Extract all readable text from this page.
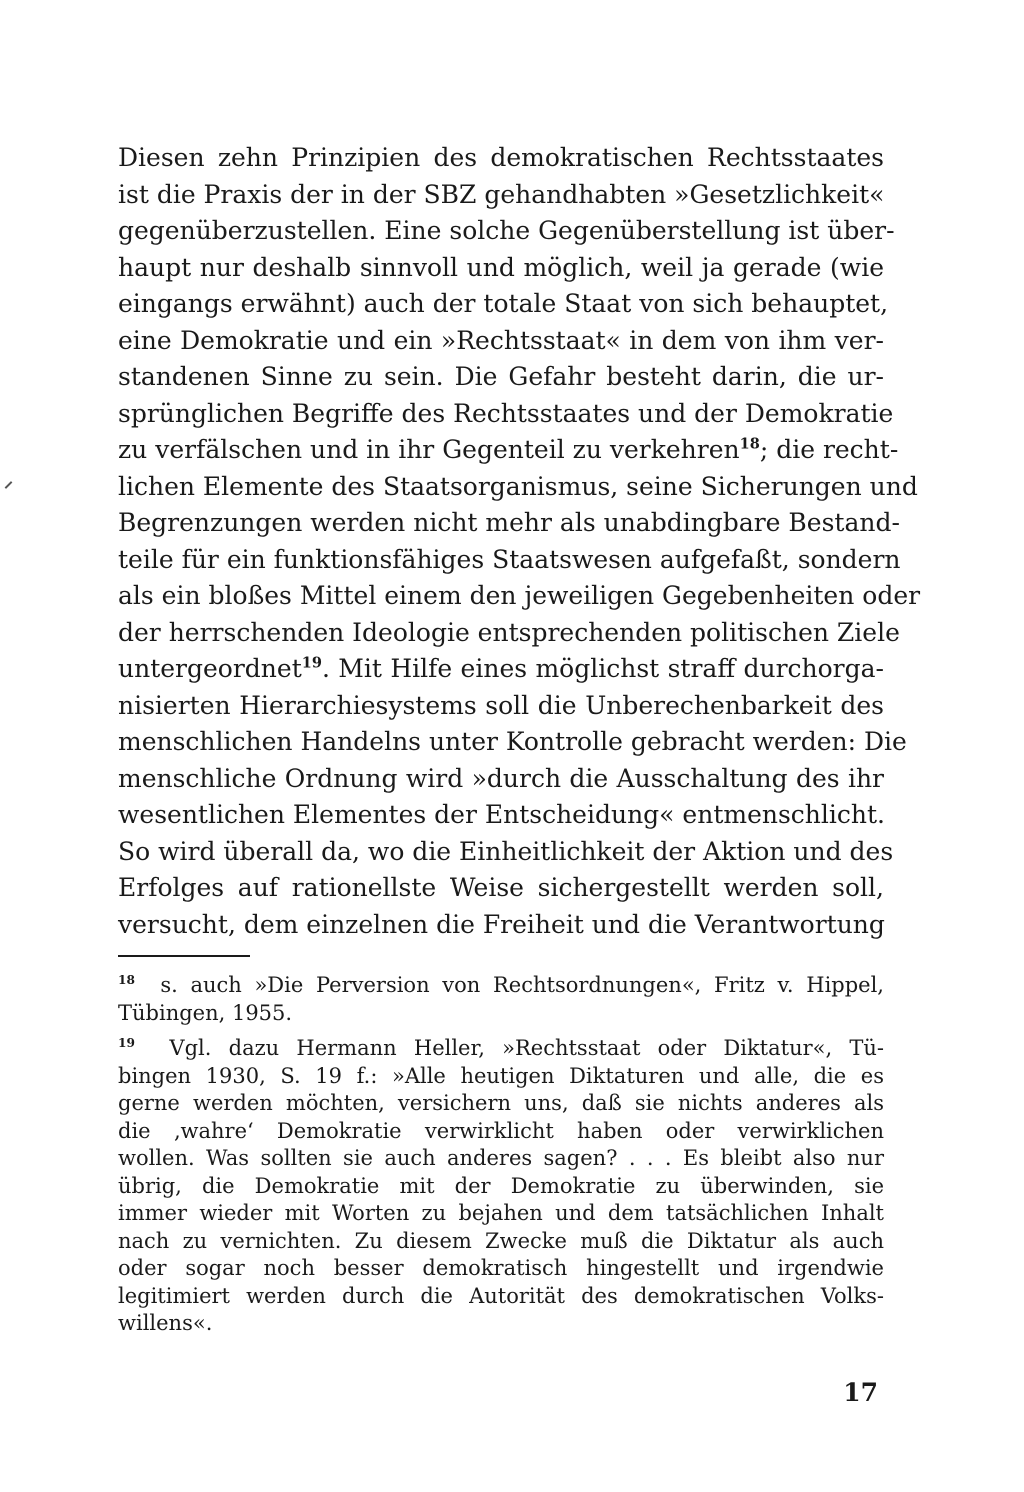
Diesen zehn Prinzipien des demokratischen Rechtsstaates
ist die Praxis der in der SBZ gehandhabten »Gesetzlichkeit«
gegenüberzustellen. Eine solche Gegenüberstellung ist über-
haupt nur deshalb sinnvoll und möglich, weil ja gerade (wie
eingangs erwähnt) auch der totale Staat von sich behauptet,
eine Demokratie und ein »Rechtsstaat« in dem von ihm ver-
standenen Sinne zu sein. Die Gefahr besteht darin, die ur-
sprünglichen Begriffe des Rechtsstaates und der Demokratie
zu verfälschen und in ihr Gegenteil zu verkehren$^{18}$; die recht-
lichen Elemente des Staatsorganismus, seine Sicherungen und
Begrenzungen werden nicht mehr als unabdingbare Bestand-
teile für ein funktionsfähiges Staatswesen aufgefaßt, sondern
als ein bloßes Mittel einem den jeweiligen Gegebenheiten oder
der herrschenden Ideologie entsprechenden politischen Ziele
untergeordnet$^{19}$. Mit Hilfe eines möglichst straff durchorga-
nisierten Hierarchiesystems soll die Unberechenbarkeit des
menschlichen Handelns unter Kontrolle gebracht werden: Die
menschliche Ordnung wird »durch die Ausschaltung des ihr
wesentlichen Elementes der Entscheidung« entmenschlicht.
So wird überall da, wo die Einheitlichkeit der Aktion und des
Erfolges auf rationellste Weise sichergestellt werden soll,
versucht, dem einzelnen die Freiheit und die Verantwortung
$^{18}$ s. auch »Die Perversion von Rechtsordnungen«, Fritz v. Hippel,
Tübingen, 1955.
$^{19}$ Vgl. dazu Hermann Heller, »Rechtsstaat oder Diktatur«, Tü-
bingen 1930, S. 19 f.: »Alle heutigen Diktaturen und alle, die es
gerne werden möchten, versichern uns, daß sie nichts anderes als
die ‚wahre‘ Demokratie verwirklicht haben oder verwirklichen
wollen. Was sollten sie auch anderes sagen? . . . Es bleibt also nur
übrig, die Demokratie mit der Demokratie zu überwinden, sie
immer wieder mit Worten zu bejahen und dem tatsächlichen Inhalt
nach zu vernichten. Zu diesem Zwecke muß die Diktatur als auch
oder sogar noch besser demokratisch hingestellt und irgendwie
legitimiert werden durch die Autorität des demokratischen Volks-
willens«.
17
